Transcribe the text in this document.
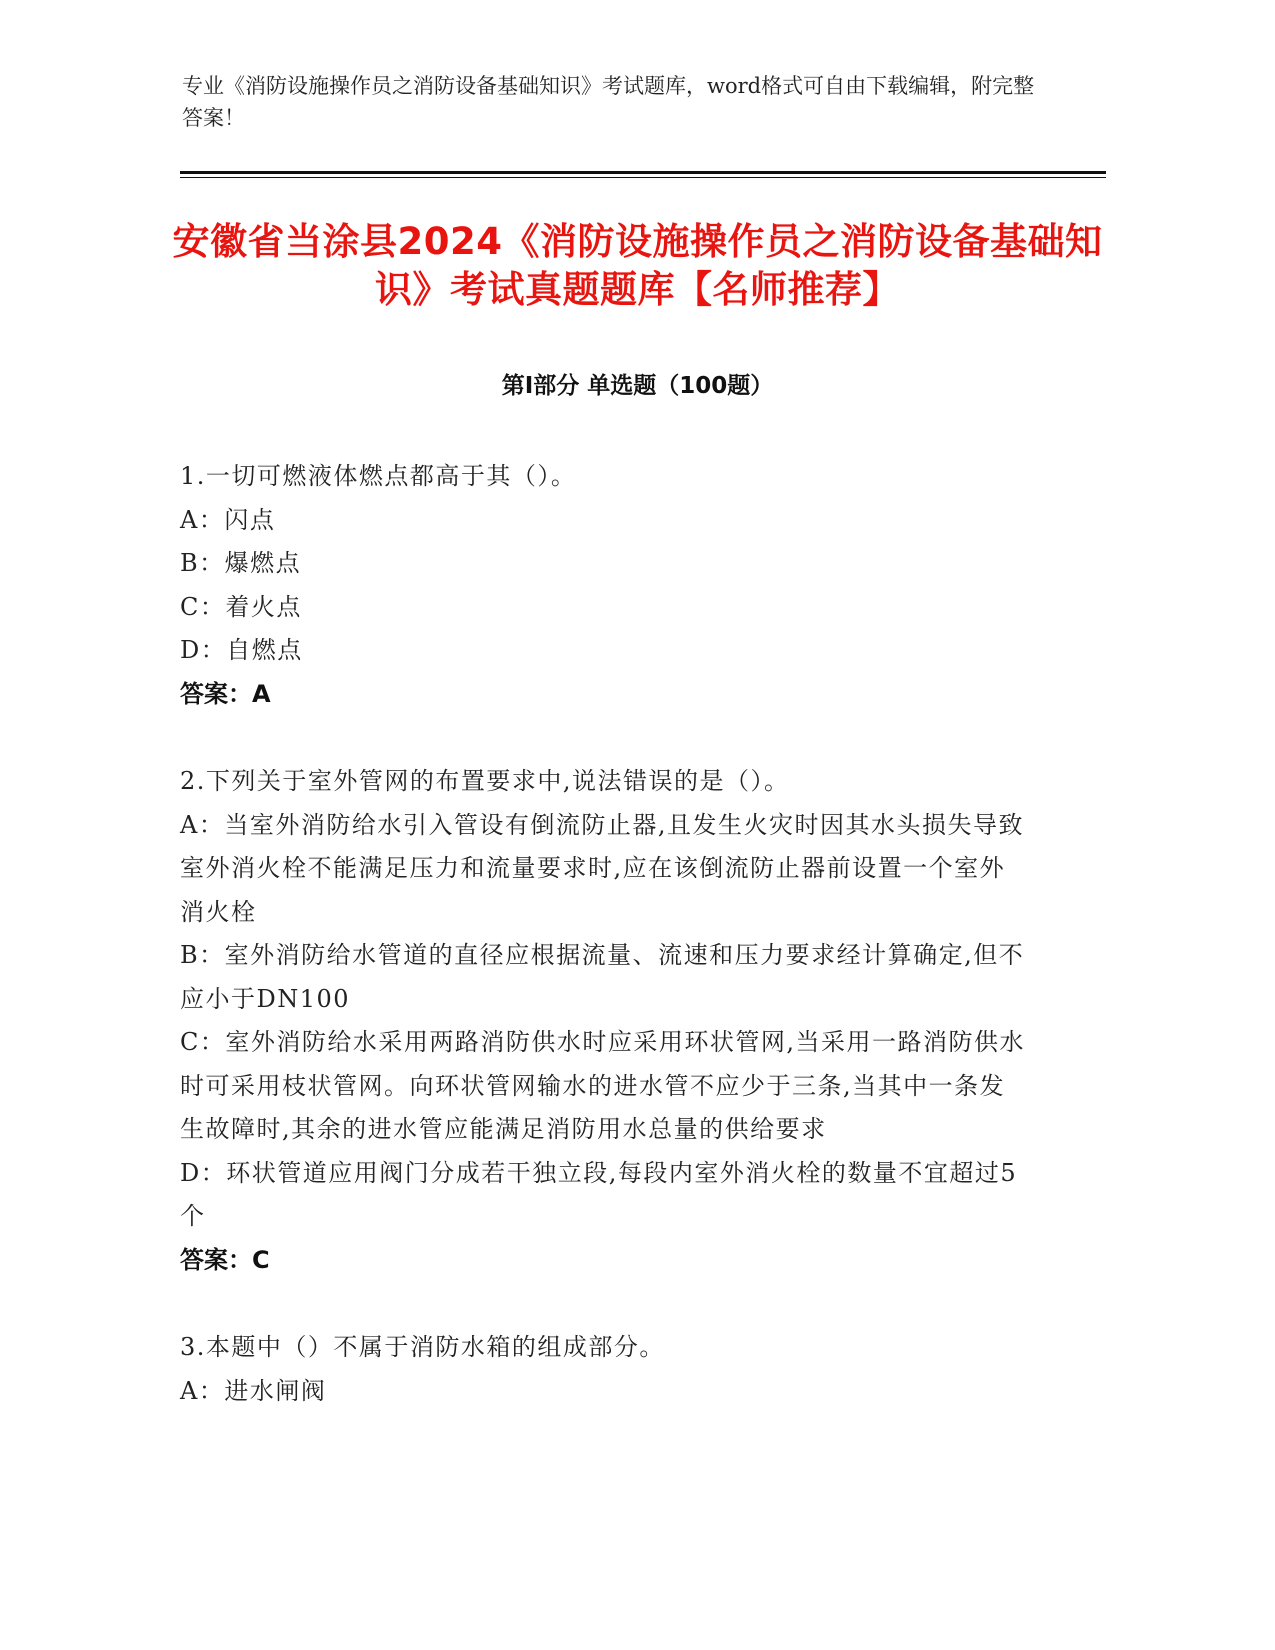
专业《消防设施操作员之消防设备基础知识》考试题库，word格式可自由下载编辑，附完整答案！
安徽省当涂县2024《消防设施操作员之消防设备基础知识》考试真题题库【名师推荐】
第I部分 单选题（100题）

1.一切可燃液体燃点都高于其（）。

A：闪点

B：爆燃点

C：着火点

D：自燃点

答案：A

2.下列关于室外管网的布置要求中,说法错误的是（）。

A：当室外消防给水引入管设有倒流防止器,且发生火灾时因其水头损失导致室外消火栓不能满足压力和流量要求时,应在该倒流防止器前设置一个室外消火栓

B：室外消防给水管道的直径应根据流量、流速和压力要求经计算确定,但不应小于DN100

C：室外消防给水采用两路消防供水时应采用环状管网,当采用一路消防供水时可采用枝状管网。向环状管网输水的进水管不应少于三条,当其中一条发生故障时,其余的进水管应能满足消防用水总量的供给要求

D：环状管道应用阀门分成若干独立段,每段内室外消火栓的数量不宜超过5个

答案：C

3.本题中（）不属于消防水箱的组成部分。

A：进水闸阀
